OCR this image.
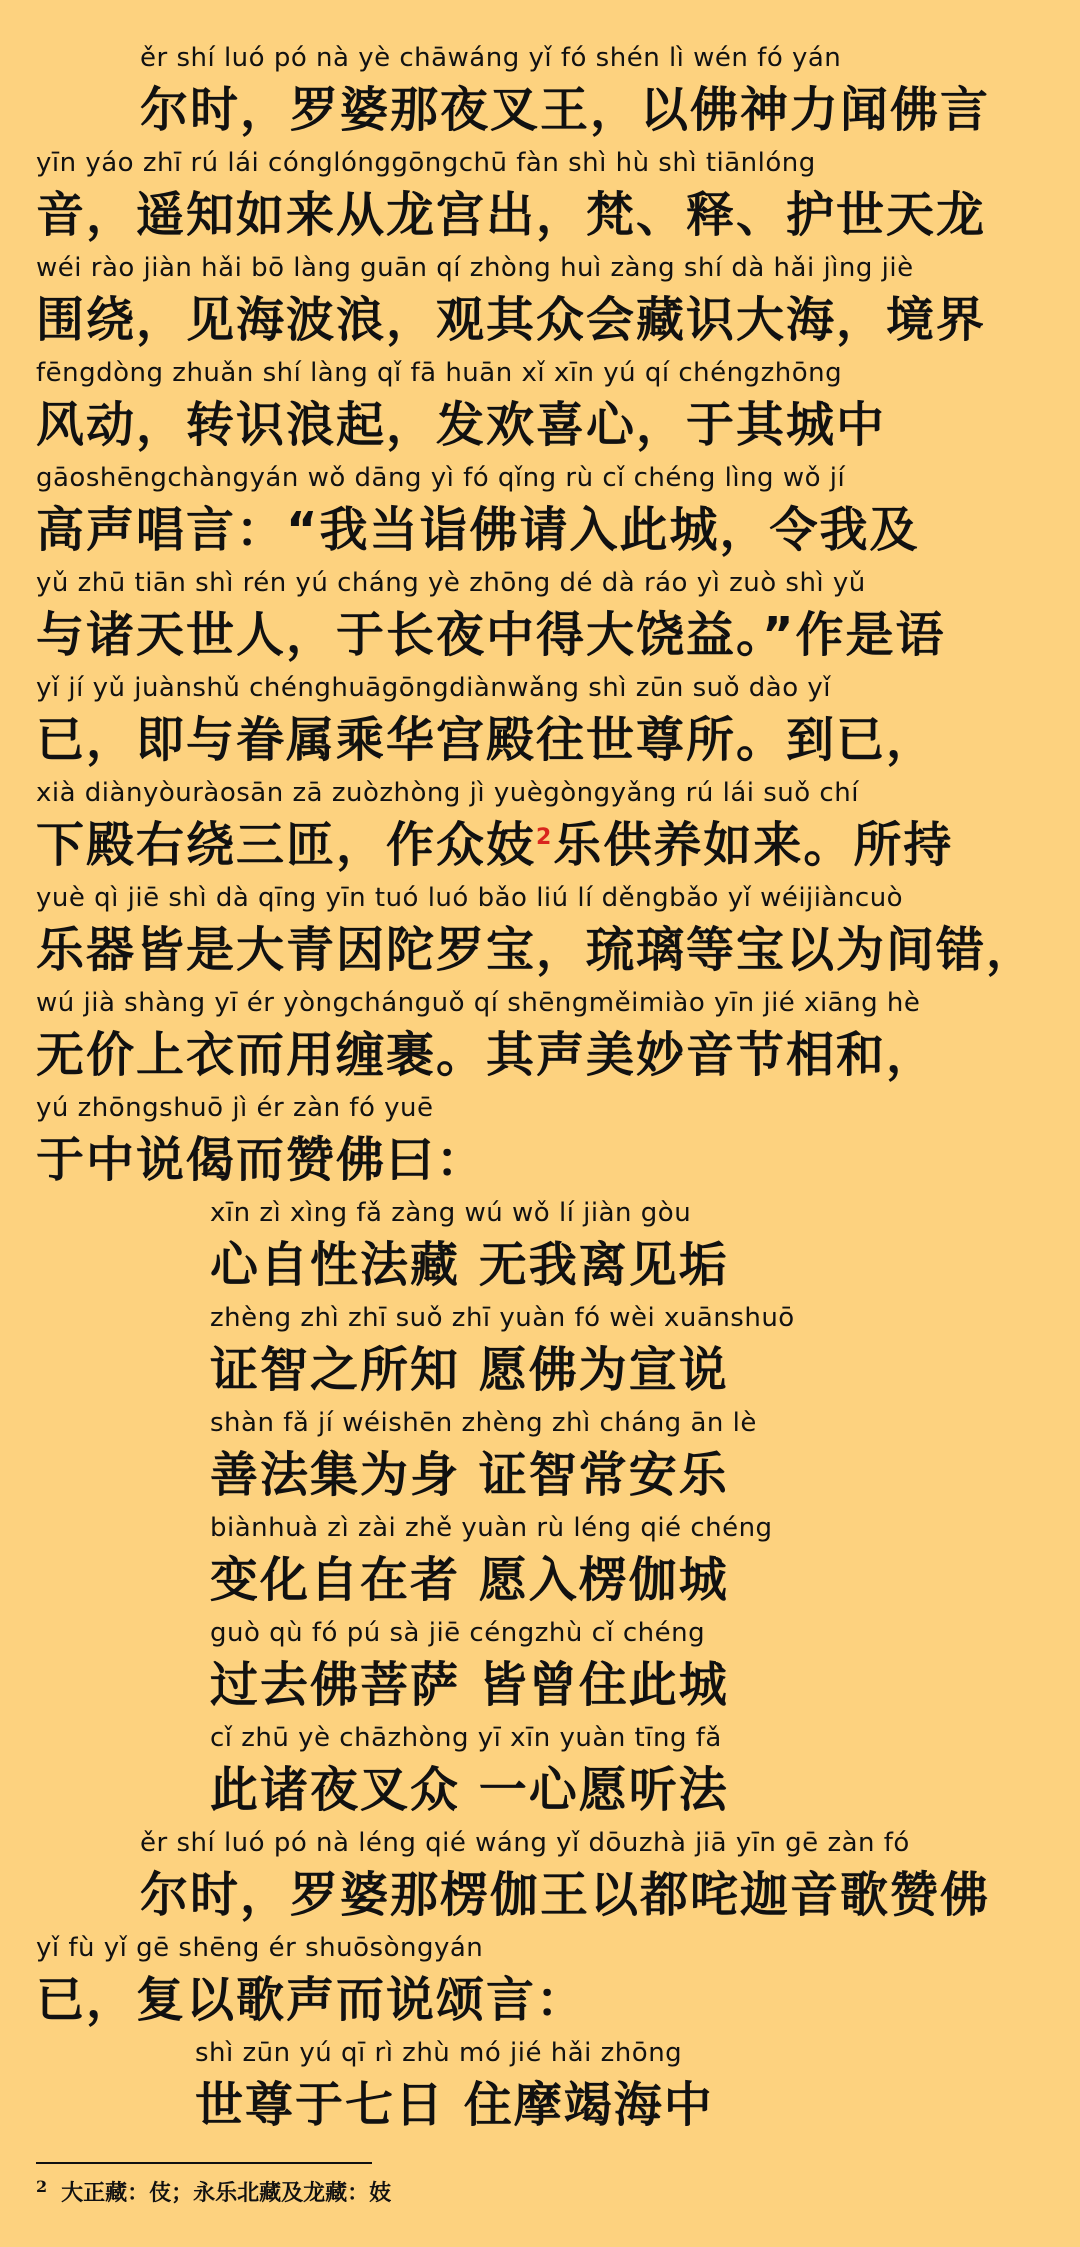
ěr shí luó pó nà yè chāwáng yǐ fó shén lì wén fó yán
尔时，罗婆那夜叉王，以佛神力闻佛言
yīn yáo zhī rú lái cónglónggōngchū fàn shì hù shì tiānlóng
音，遥知如来从龙宫出，梵、释、护世天龙
wéi rào jiàn hǎi bō làng guān qí zhòng huì zàng shí dà hǎi jìng jiè
围绕，见海波浪，观其众会藏识大海，境界
fēngdòng zhuǎn shí làng qǐ fā huān xǐ xīn yú qí chéngzhōng
风动，转识浪起，发欢喜心，于其城中
gāoshēngchàngyán wǒ dāng yì fó qǐng rù cǐ chéng lìng wǒ jí
高声唱言：“我当诣佛请入此城，令我及
yǔ zhū tiān shì rén yú cháng yè zhōng dé dà ráo yì zuò shì yǔ
与诸天世人，于长夜中得大饶益。”作是语
yǐ jí yǔ juànshǔ chénghuāgōngdiànwǎng shì zūn suǒ dào yǐ
已，即与眷属乘华宫殿往世尊所。到已，
xià diànyòuràosān zā zuòzhòng jì yuègòngyǎng rú lái suǒ chí
下殿右绕三匝，作众妓$^2$乐供养如来。所持
yuè qì jiē shì dà qīng yīn tuó luó bǎo liú lí děngbǎo yǐ wéijiàncuò
乐器皆是大青因陀罗宝，琉璃等宝以为间错，
wú jià shàng yī ér yòngchánguǒ qí shēngměimiào yīn jié xiāng hè
无价上衣而用缠裹。其声美妙音节相和，
yú zhōngshuō jì ér zàn fó yuē
于中说偈而赞佛曰：
xīn zì xìng fǎ zàng wú wǒ lí jiàn gòu
心自性法藏 无我离见垢
zhèng zhì zhī suǒ zhī yuàn fó wèi xuānshuō
证智之所知 愿佛为宣说
shàn fǎ jí wéishēn zhèng zhì cháng ān lè
善法集为身 证智常安乐
biànhuà zì zài zhě yuàn rù léng qié chéng
变化自在者 愿入楞伽城
guò qù fó pú sà jiē céngzhù cǐ chéng
过去佛菩萨 皆曾住此城
cǐ zhū yè chāzhòng yī xīn yuàn tīng fǎ
此诸夜叉众 一心愿听法
ěr shí luó pó nà léng qié wáng yǐ dōuzhà jiā yīn gē zàn fó
尔时，罗婆那楞伽王以都咤迦音歌赞佛
yǐ fù yǐ gē shēng ér shuōsòngyán
已，复以歌声而说颂言：
shì zūn yú qī rì zhù mó jié hǎi zhōng
世尊于七日 住摩竭海中
$^2$ 大正藏：伎；永乐北藏及龙藏：妓
